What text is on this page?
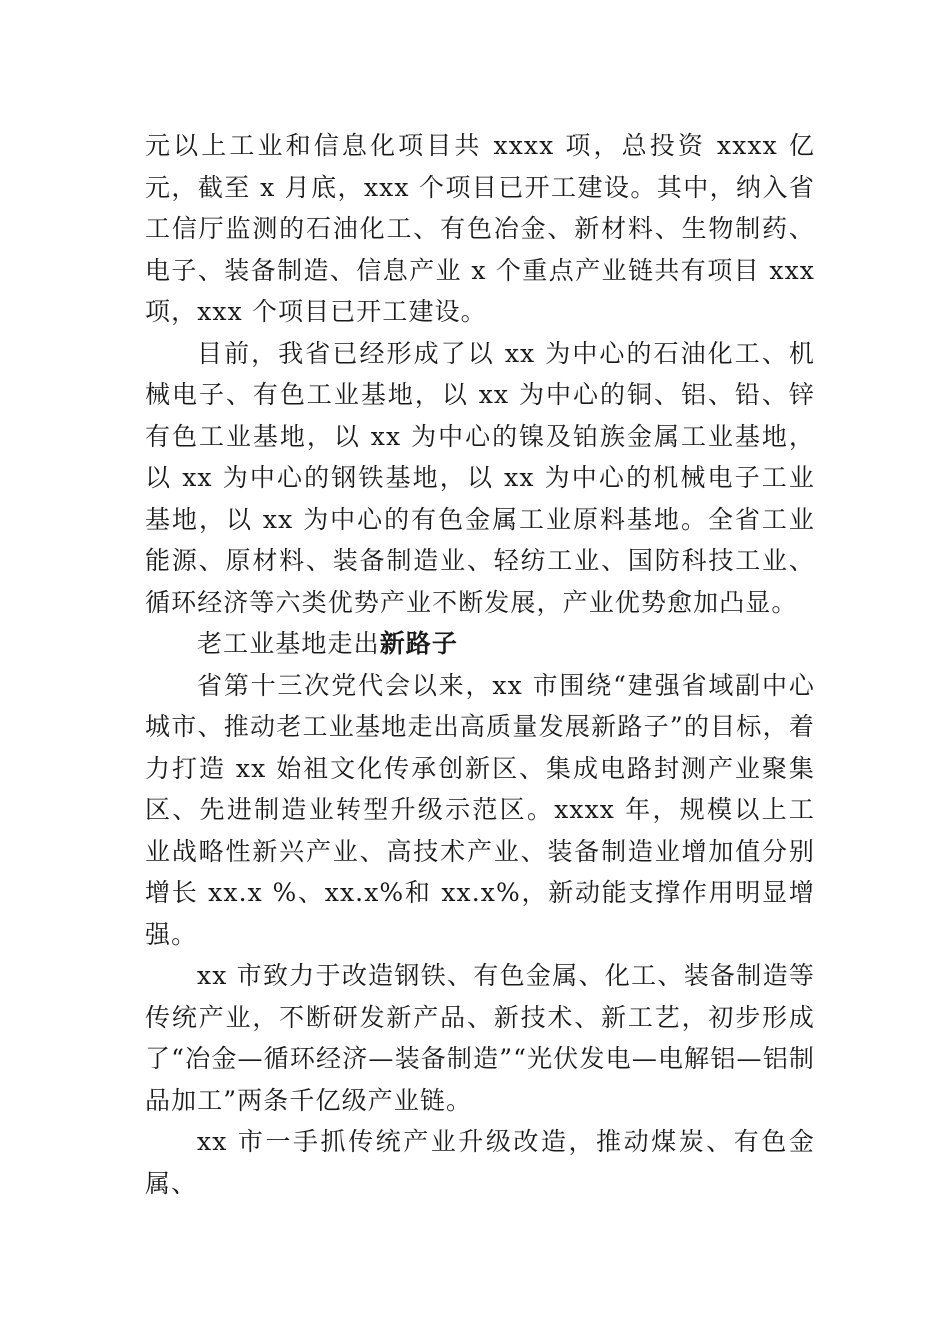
元以上工业和信息化项目共 xxxx 项，总投资 xxxx 亿元，截至 x 月底，xxx 个项目已开工建设。其中，纳入省工信厅监测的石油化工、有色冶金、新材料、生物制药、电子、装备制造、信息产业 x 个重点产业链共有项目 xxx 项，xxx 个项目已开工建设。

目前，我省已经形成了以 xx 为中心的石油化工、机械电子、有色工业基地，以 xx 为中心的铜、铝、铅、锌有色工业基地，以 xx 为中心的镍及铂族金属工业基地，以 xx 为中心的钢铁基地，以 xx 为中心的机械电子工业基地，以 xx 为中心的有色金属工业原料基地。全省工业能源、原材料、装备制造业、轻纺工业、国防科技工业、循环经济等六类优势产业不断发展，产业优势愈加凸显。

老工业基地走出新路子

省第十三次党代会以来，xx 市围绕“建强省域副中心城市、推动老工业基地走出高质量发展新路子”的目标，着力打造 xx 始祖文化传承创新区、集成电路封测产业聚集区、先进制造业转型升级示范区。xxxx 年，规模以上工业战略性新兴产业、高技术产业、装备制造业增加值分别增长 xx.x %、xx.x%和 xx.x%，新动能支撑作用明显增强。

xx 市致力于改造钢铁、有色金属、化工、装备制造等传统产业，不断研发新产品、新技术、新工艺，初步形成了“冶金—循环经济—装备制造”“光伏发电—电解铝—铝制品加工”两条千亿级产业链。

xx 市一手抓传统产业升级改造，推动煤炭、有色金属、
